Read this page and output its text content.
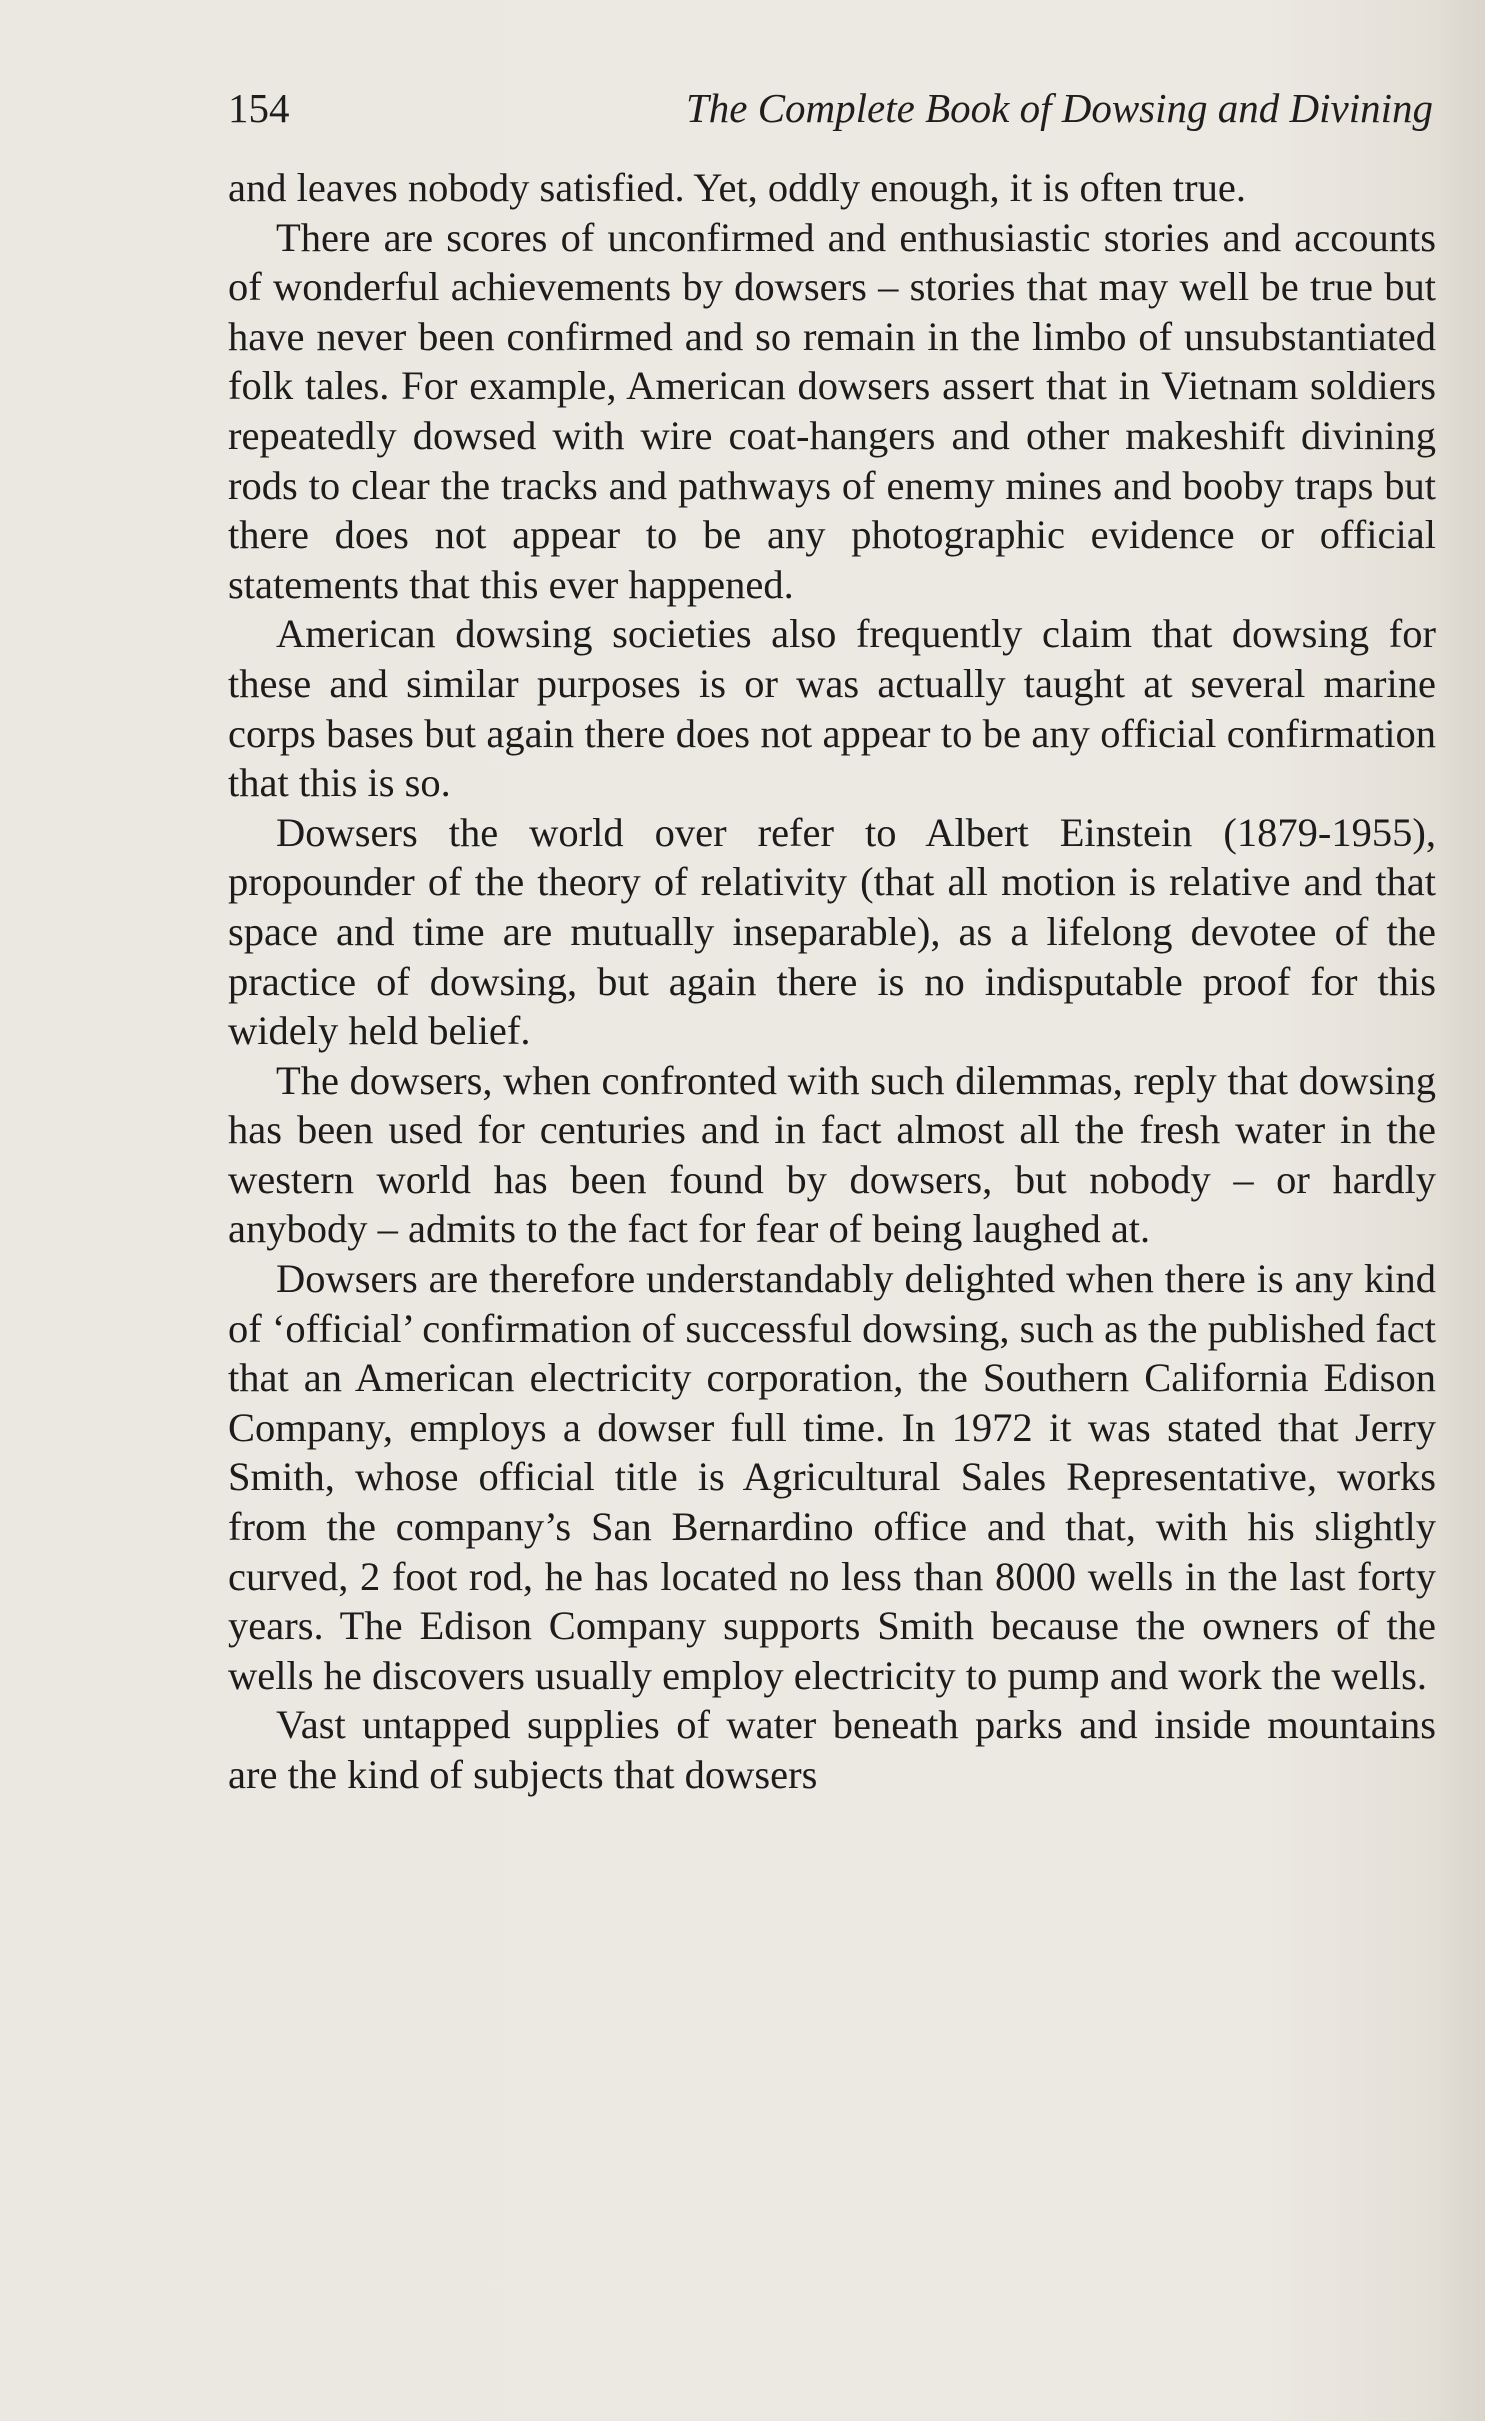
154	The Complete Book of Dowsing and Divining

and leaves nobody satisfied. Yet, oddly enough, it is often true.

There are scores of unconfirmed and enthusiastic stories and accounts of wonderful achievements by dowsers – stories that may well be true but have never been confirmed and so remain in the limbo of unsubstantiated folk tales. For example, American dowsers assert that in Vietnam soldiers repeatedly dowsed with wire coat-hangers and other makeshift divining rods to clear the tracks and pathways of enemy mines and booby traps but there does not appear to be any photographic evidence or official statements that this ever happened.

American dowsing societies also frequently claim that dowsing for these and similar purposes is or was actually taught at several marine corps bases but again there does not appear to be any official confirmation that this is so.

Dowsers the world over refer to Albert Einstein (1879-1955), propounder of the theory of relativity (that all motion is relative and that space and time are mutually inseparable), as a lifelong devotee of the practice of dowsing, but again there is no indisputable proof for this widely held belief.

The dowsers, when confronted with such dilemmas, reply that dowsing has been used for centuries and in fact almost all the fresh water in the western world has been found by dowsers, but nobody – or hardly anybody – admits to the fact for fear of being laughed at.

Dowsers are therefore understandably delighted when there is any kind of ‘official’ confirmation of successful dowsing, such as the published fact that an American electricity corporation, the Southern California Edison Company, employs a dowser full time. In 1972 it was stated that Jerry Smith, whose official title is Agricultural Sales Representative, works from the company’s San Bernardino office and that, with his slightly curved, 2 foot rod, he has located no less than 8000 wells in the last forty years. The Edison Company supports Smith because the owners of the wells he discovers usually employ electricity to pump and work the wells.

Vast untapped supplies of water beneath parks and inside mountains are the kind of subjects that dowsers
